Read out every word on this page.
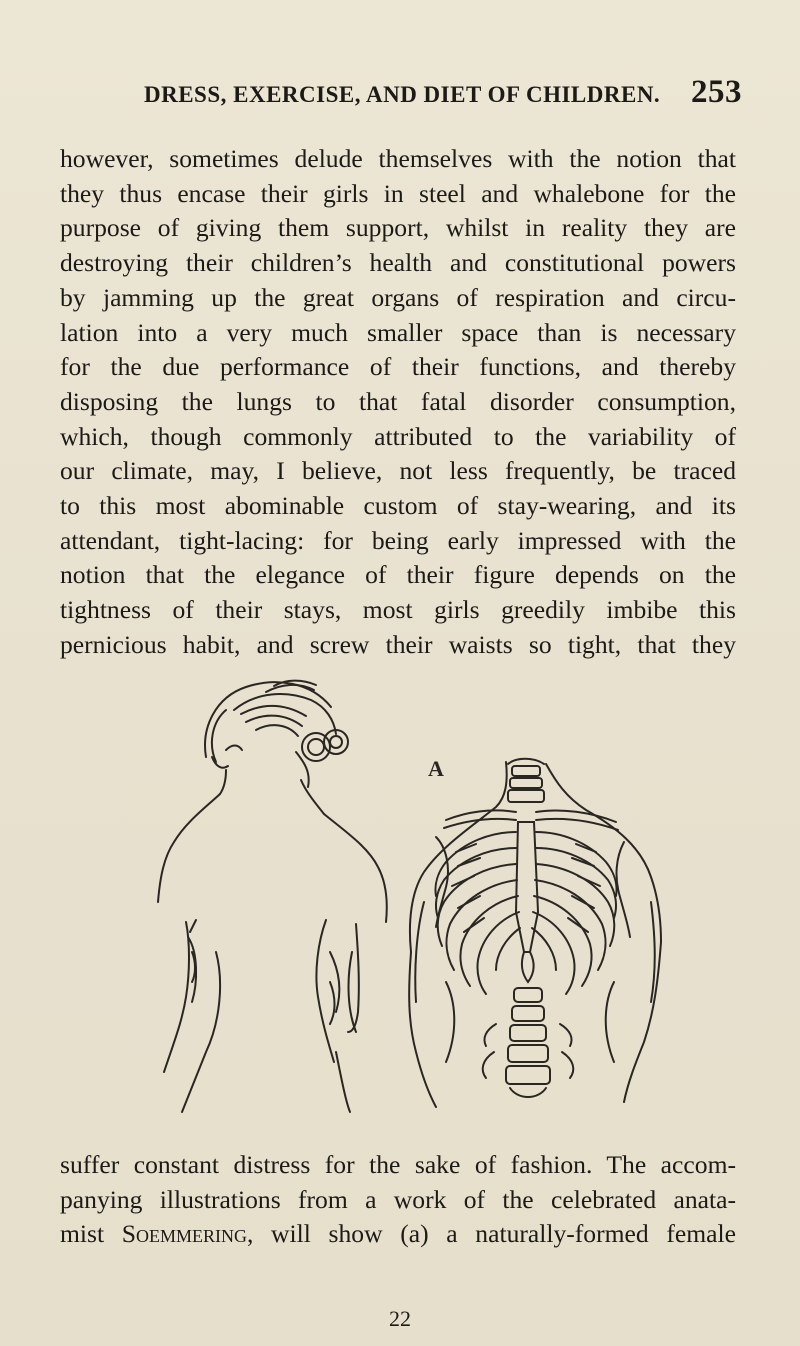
DRESS, EXERCISE, AND DIET OF CHILDREN. 253
however, sometimes delude themselves with the notion that
they thus encase their girls in steel and whalebone for the
purpose of giving them support, whilst in reality they are
destroying their children’s health and constitutional powers
by jamming up the great organs of respiration and circu-
lation into a very much smaller space than is necessary
for the due performance of their functions, and thereby
disposing the lungs to that fatal disorder consumption,
which, though commonly attributed to the variability of
our climate, may, I believe, not less frequently, be traced
to this most abominable custom of stay-wearing, and its
attendant, tight-lacing: for being early impressed with the
notion that the elegance of their figure depends on the
tightness of their stays, most girls greedily imbibe this
pernicious habit, and screw their waists so tight, that they
A
suffer constant distress for the sake of fashion. The accom-
panying illustrations from a work of the celebrated anata-
mist Soemmering, will show (a) a naturally-formed female
22
